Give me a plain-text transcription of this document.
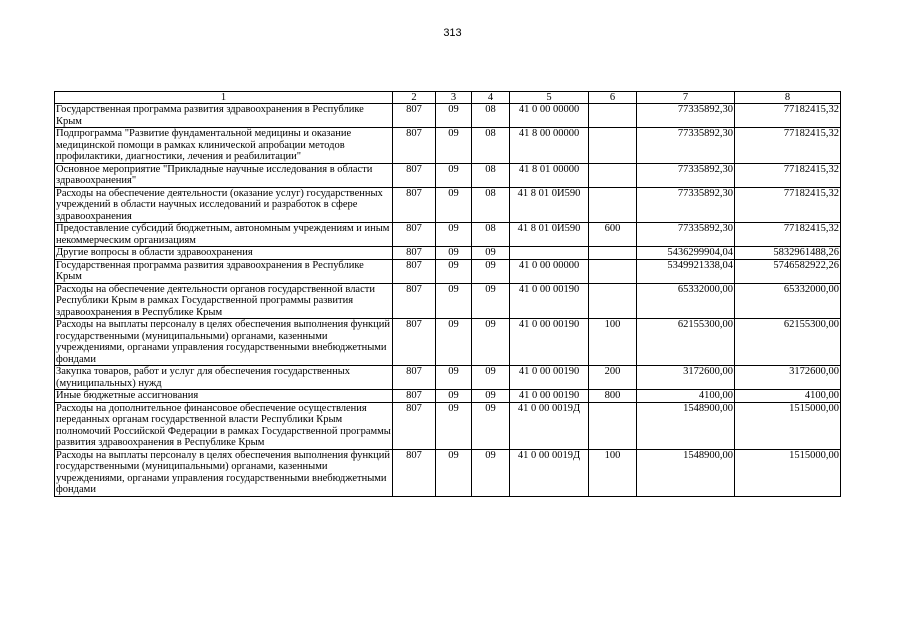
313
1	2	3	4	5	6	7	8
Государственная программа развития здравоохранения в Республике Крым	807	09	08	41 0 00 00000		77335892,30	77182415,32
Подпрограмма "Развитие фундаментальной медицины и оказание медицинской помощи в рамках клинической апробации методов профилактики, диагностики, лечения и реабилитации"	807	09	08	41 8 00 00000		77335892,30	77182415,32
Основное мероприятие "Прикладные научные исследования в области здравоохранения"	807	09	08	41 8 01 00000		77335892,30	77182415,32
Расходы на обеспечение деятельности (оказание услуг) государственных учреждений в области научных исследований и разработок в сфере здравоохранения	807	09	08	41 8 01 0И590		77335892,30	77182415,32
Предоставление субсидий бюджетным, автономным учреждениям и иным некоммерческим организациям	807	09	08	41 8 01 0И590	600	77335892,30	77182415,32
Другие вопросы в области здравоохранения	807	09	09			5436299904,04	5832961488,26
Государственная программа развития здравоохранения в Республике Крым	807	09	09	41 0 00 00000		5349921338,04	5746582922,26
Расходы на обеспечение деятельности органов государственной власти Республики Крым в рамках Государственной программы развития здравоохранения в Республике Крым	807	09	09	41 0 00 00190		65332000,00	65332000,00
Расходы на выплаты персоналу в целях обеспечения выполнения функций государственными (муниципальными) органами, казенными учреждениями, органами управления государственными внебюджетными фондами	807	09	09	41 0 00 00190	100	62155300,00	62155300,00
Закупка товаров, работ и услуг для обеспечения государственных (муниципальных) нужд	807	09	09	41 0 00 00190	200	3172600,00	3172600,00
Иные бюджетные ассигнования	807	09	09	41 0 00 00190	800	4100,00	4100,00
Расходы на дополнительное финансовое обеспечение осуществления переданных органам государственной власти Республики Крым полномочий Российской Федерации в рамках Государственной программы развития здравоохранения в Республике Крым	807	09	09	41 0 00 0019Д		1548900,00	1515000,00
Расходы на выплаты персоналу в целях обеспечения выполнения функций государственными (муниципальными) органами, казенными учреждениями, органами управления государственными внебюджетными фондами	807	09	09	41 0 00 0019Д	100	1548900,00	1515000,00
